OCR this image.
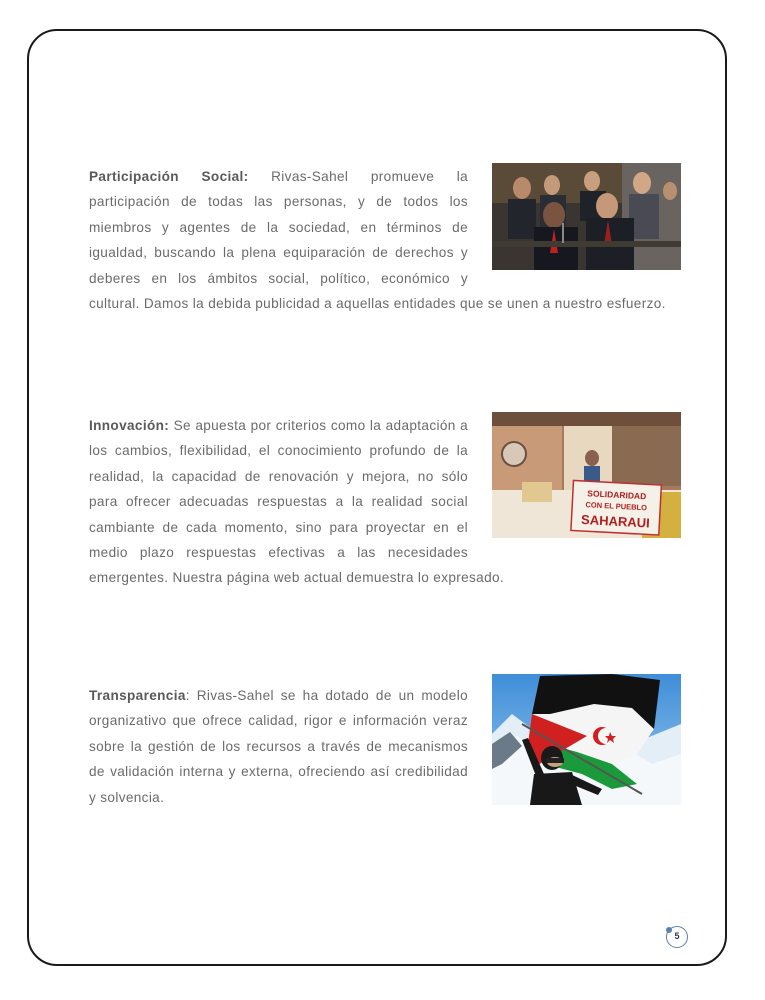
Participación Social: Rivas-Sahel promueve la participación de todas las personas, y de todos los miembros y agentes de la sociedad, en términos de igualdad, buscando la plena equiparación de derechos y deberes en los ámbitos social, político, económico y cultural. Damos la debida publicidad a aquellas entidades que se unen a nuestro esfuerzo.

SOLIDARIDAD
CON EL PUEBLO
SAHARAUI

Innovación: Se apuesta por criterios como la adaptación a los cambios, flexibilidad, el conocimiento profundo de la realidad, la capacidad de renovación y mejora, no sólo para ofrecer adecuadas respuestas a la realidad social cambiante de cada momento, sino para proyectar en el medio plazo respuestas efectivas a las necesidades emergentes. Nuestra página web actual demuestra lo expresado.

Transparencia: Rivas-Sahel se ha dotado de un modelo organizativo que ofrece calidad, rigor e información veraz sobre la gestión de los recursos a través de mecanismos de validación interna y externa, ofreciendo así credibilidad y solvencia.

5
